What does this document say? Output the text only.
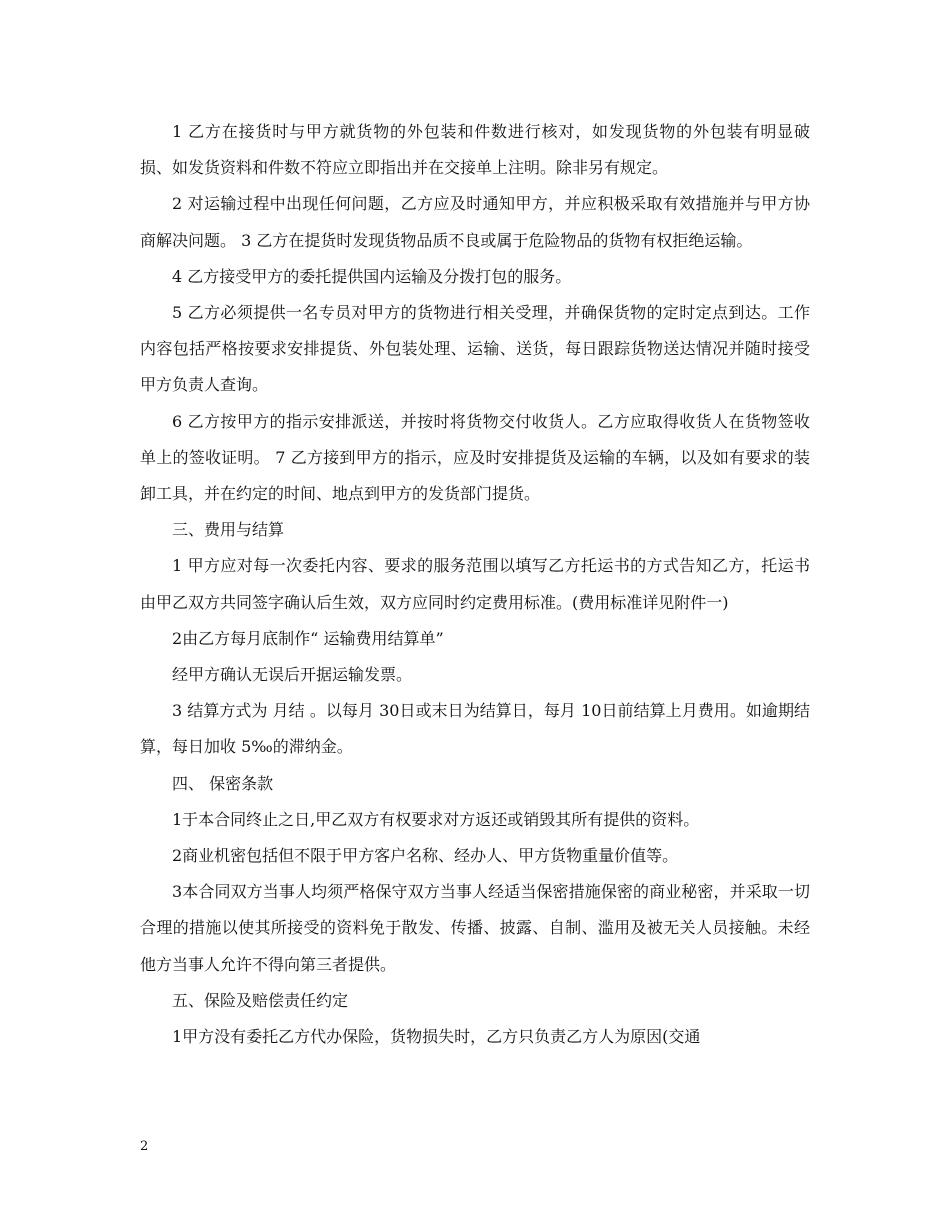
1 乙方在接货时与甲方就货物的外包装和件数进行核对，如发现货物的外包装有明显破损、如发货资料和件数不符应立即指出并在交接单上注明。除非另有规定。

2 对运输过程中出现任何问题，乙方应及时通知甲方，并应积极采取有效措施并与甲方协商解决问题。 3 乙方在提货时发现货物品质不良或属于危险物品的货物有权拒绝运输。

4 乙方接受甲方的委托提供国内运输及分拨打包的服务。

5 乙方必须提供一名专员对甲方的货物进行相关受理，并确保货物的定时定点到达。工作内容包括严格按要求安排提货、外包装处理、运输、送货，每日跟踪货物送达情况并随时接受甲方负责人查询。

6 乙方按甲方的指示安排派送，并按时将货物交付收货人。乙方应取得收货人在货物签收单上的签收证明。 7 乙方接到甲方的指示，应及时安排提货及运输的车辆，以及如有要求的装卸工具，并在约定的时间、地点到甲方的发货部门提货。

三、费用与结算

1 甲方应对每一次委托内容、要求的服务范围以填写乙方托运书的方式告知乙方，托运书由甲乙双方共同签字确认后生效，双方应同时约定费用标准。(费用标准详见附件一)

2由乙方每月底制作“ 运输费用结算单”

经甲方确认无误后开据运输发票。

3 结算方式为 月结 。以每月 30日或末日为结算日，每月 10日前结算上月费用。如逾期结算，每日加收 5‰的滞纳金。

四、 保密条款

1于本合同终止之日,甲乙双方有权要求对方返还或销毁其所有提供的资料。

2商业机密包括但不限于甲方客户名称、经办人、甲方货物重量价值等。

3本合同双方当事人均须严格保守双方当事人经适当保密措施保密的商业秘密，并采取一切合理的措施以使其所接受的资料免于散发、传播、披露、自制、滥用及被无关人员接触。未经他方当事人允许不得向第三者提供。

五、保险及赔偿责任约定

1甲方没有委托乙方代办保险，货物损失时，乙方只负责乙方人为原因(交通

2
